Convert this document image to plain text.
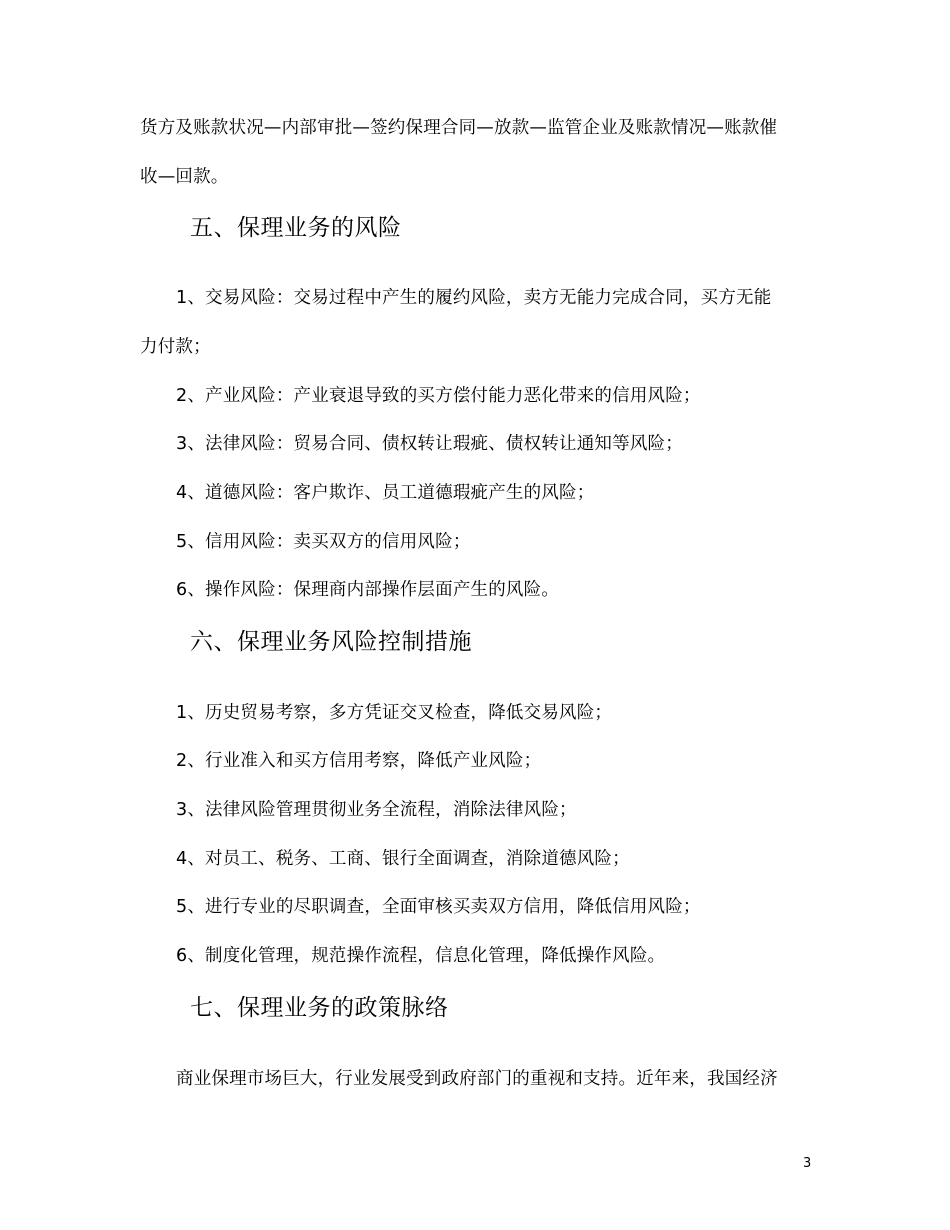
货方及账款状况—内部审批—签约保理合同—放款—监管企业及账款情况—账款催
收—回款。
五、保理业务的风险
1、交易风险：交易过程中产生的履约风险，卖方无能力完成合同，买方无能
力付款；
2、产业风险：产业衰退导致的买方偿付能力恶化带来的信用风险；
3、法律风险：贸易合同、债权转让瑕疵、债权转让通知等风险；
4、道德风险：客户欺诈、员工道德瑕疵产生的风险；
5、信用风险：卖买双方的信用风险；
6、操作风险：保理商内部操作层面产生的风险。
六、保理业务风险控制措施
1、历史贸易考察，多方凭证交叉检查，降低交易风险；
2、行业准入和买方信用考察，降低产业风险；
3、法律风险管理贯彻业务全流程，消除法律风险；
4、对员工、税务、工商、银行全面调查，消除道德风险；
5、进行专业的尽职调查，全面审核买卖双方信用，降低信用风险；
6、制度化管理，规范操作流程，信息化管理，降低操作风险。
七、保理业务的政策脉络
商业保理市场巨大，行业发展受到政府部门的重视和支持。近年来，我国经济
3
